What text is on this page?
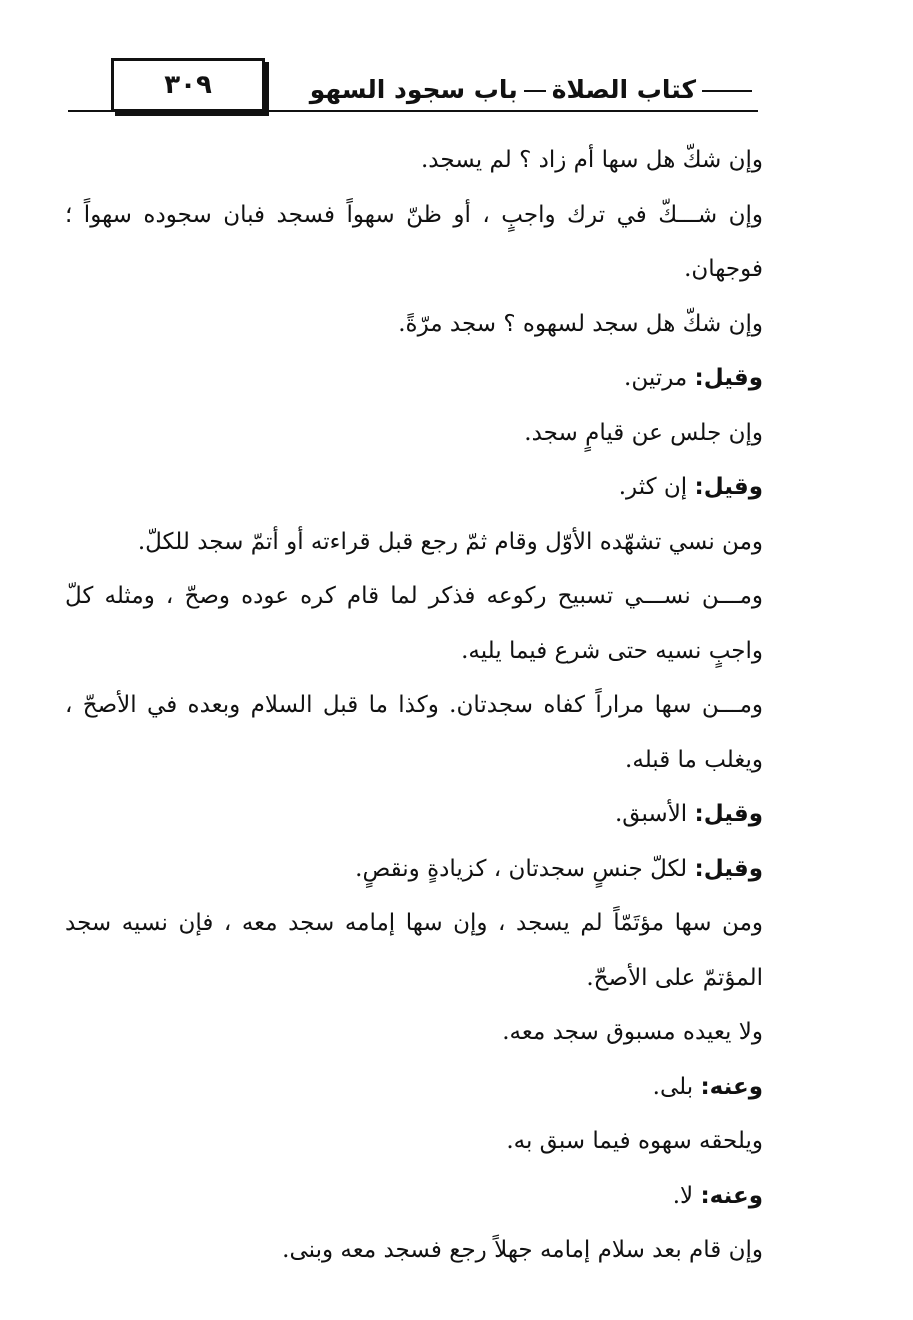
٣٠٩	كتاب الصلاةباب سجود السهو
وإن شكّ هل سها أم زاد ؟ لم يسجد.
وإن شـــكّ في ترك واجبٍ ، أو ظنّ سهواً فسجد فبان سجوده سهواً ؛
فوجهان.
وإن شكّ هل سجد لسهوه ؟ سجد مرّةً.
وقيل: مرتين.
وإن جلس عن قيامٍ سجد.
وقيل: إن كثر.
ومن نسي تشهّده الأوّل وقام ثمّ رجع قبل قراءته أو أتمّ سجد للكلّ.
ومـــن نســـي تسبيح ركوعه فذكر لما قام كره عوده وصحّ ، ومثله كلّ
واجبٍ نسيه حتى شرع فيما يليه.
ومـــن سها مراراً كفاه سجدتان. وكذا ما قبل السلام وبعده في الأصحّ ،
ويغلب ما قبله.
وقيل: الأسبق.
وقيل: لكلّ جنسٍ سجدتان ، كزيادةٍ ونقصٍ.
ومن سها مؤتَمّاً لم يسجد ، وإن سها إمامه سجد معه ، فإن نسيه سجد
المؤتمّ على الأصحّ.
ولا يعيده مسبوق سجد معه.
وعنه: بلى.
ويلحقه سهوه فيما سبق به.
وعنه: لا.
وإن قام بعد سلام إمامه جهلاً رجع فسجد معه وبنى.
